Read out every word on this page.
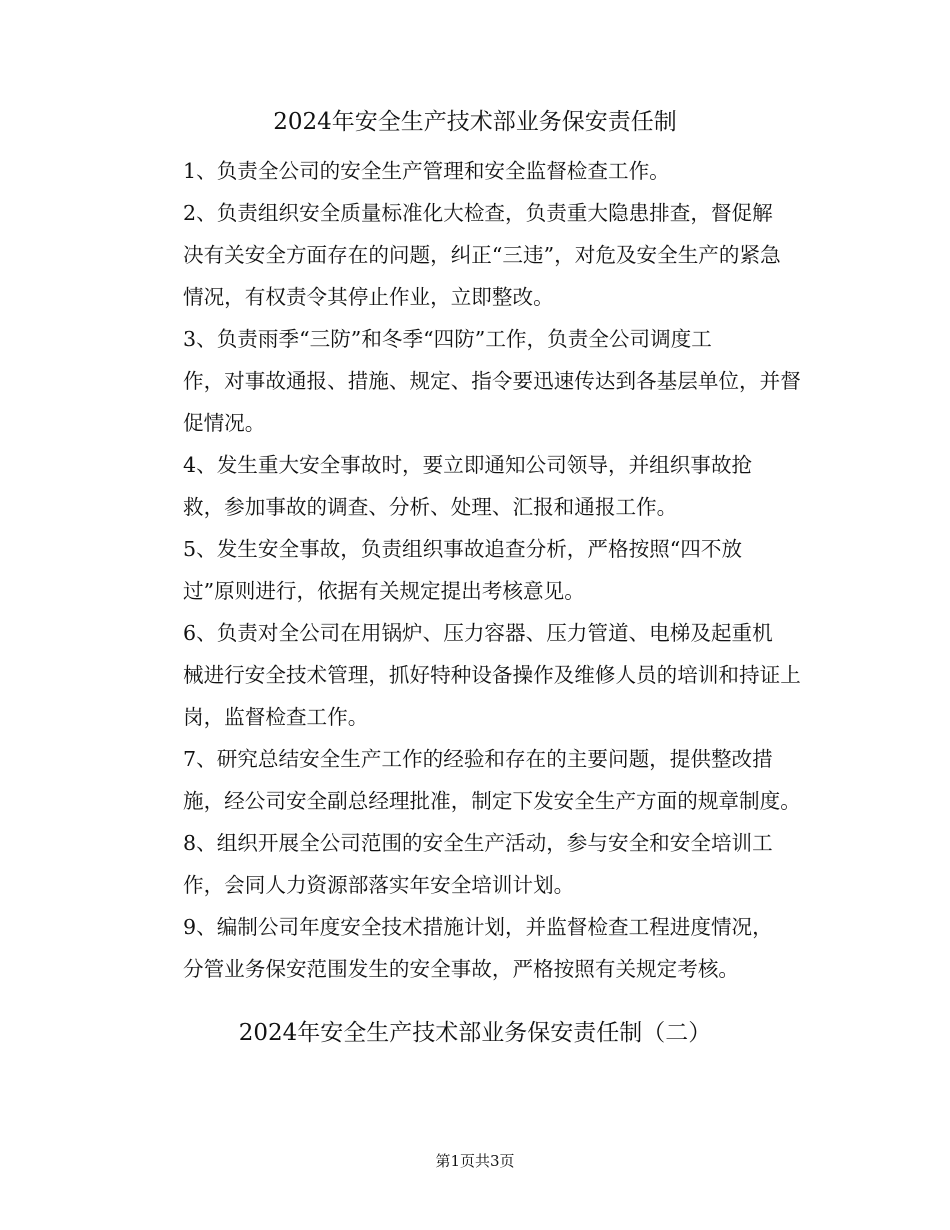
2024年安全生产技术部业务保安责任制

1、负责全公司的安全生产管理和安全监督检查工作。

2、负责组织安全质量标准化大检查，负责重大隐患排查，督促解
决有关安全方面存在的问题，纠正“三违”，对危及安全生产的紧急
情况，有权责令其停止作业，立即整改。

3、负责雨季“三防”和冬季“四防”工作，负责全公司调度工
作，对事故通报、措施、规定、指令要迅速传达到各基层单位，并督
促情况。

4、发生重大安全事故时，要立即通知公司领导，并组织事故抢
救，参加事故的调查、分析、处理、汇报和通报工作。

5、发生安全事故，负责组织事故追查分析，严格按照“四不放
过”原则进行，依据有关规定提出考核意见。

6、负责对全公司在用锅炉、压力容器、压力管道、电梯及起重机
械进行安全技术管理，抓好特种设备操作及维修人员的培训和持证上
岗，监督检查工作。

7、研究总结安全生产工作的经验和存在的主要问题，提供整改措
施，经公司安全副总经理批准，制定下发安全生产方面的规章制度。

8、组织开展全公司范围的安全生产活动，参与安全和安全培训工
作，会同人力资源部落实年安全培训计划。

9、编制公司年度安全技术措施计划，并监督检查工程进度情况，
分管业务保安范围发生的安全事故，严格按照有关规定考核。

2024年安全生产技术部业务保安责任制（二）
第1页共3页
